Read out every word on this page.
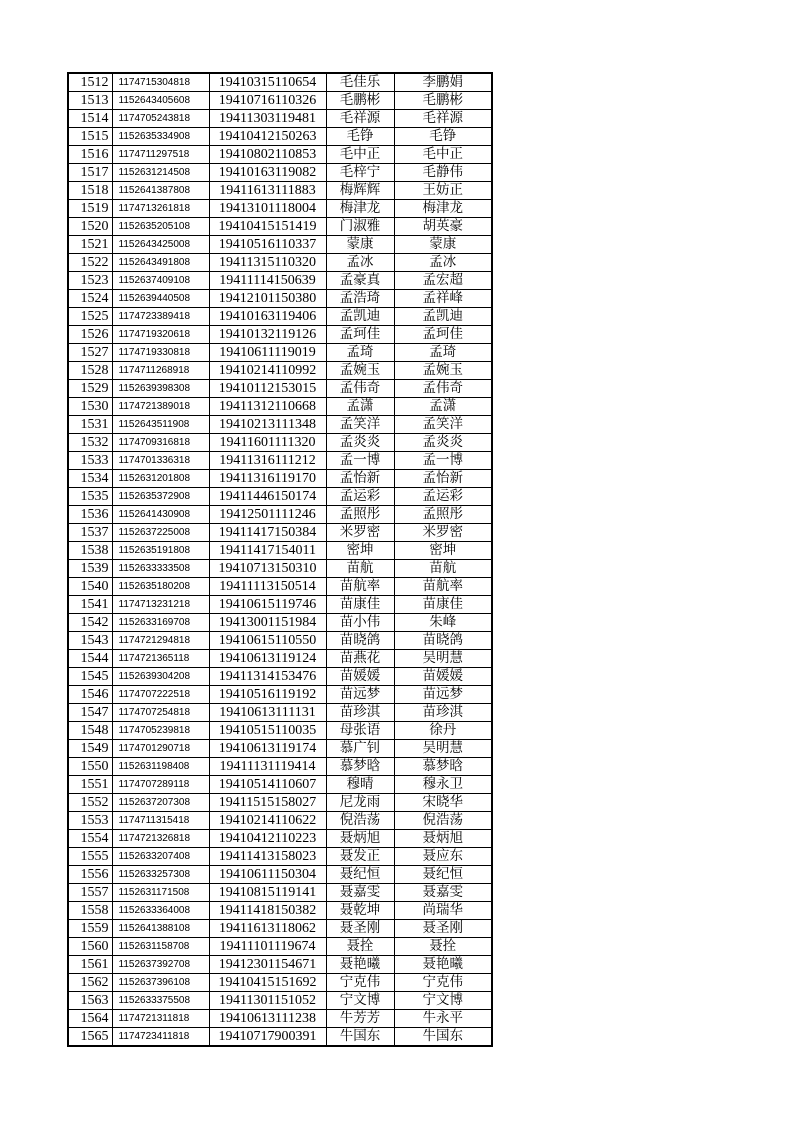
1512	1174715304818	19410315110654	毛佳乐	李鹏娟
1513	1152643405608	19410716110326	毛鹏彬	毛鹏彬
1514	1174705243818	19411303119481	毛祥源	毛祥源
1515	1152635334908	19410412150263	毛铮	毛铮
1516	1174711297518	19410802110853	毛中正	毛中正
1517	1152631214508	19410163119082	毛梓宁	毛静伟
1518	1152641387808	19411613111883	梅辉辉	王妨正
1519	1174713261818	19413101118004	梅津龙	梅津龙
1520	1152635205108	19410415151419	门淑雅	胡英豪
1521	1152643425008	19410516110337	蒙康	蒙康
1522	1152643491808	19411315110320	孟冰	孟冰
1523	1152637409108	19411114150639	孟豪真	孟宏超
1524	1152639440508	19412101150380	孟浩琦	孟祥峰
1525	1174723389418	19410163119406	孟凯迪	孟凯迪
1526	1174719320618	19410132119126	孟珂佳	孟珂佳
1527	1174719330818	19410611119019	孟琦	孟琦
1528	1174711268918	19410214110992	孟婉玉	孟婉玉
1529	1152639398308	19410112153015	孟伟奇	孟伟奇
1530	1174721389018	19411312110668	孟潇	孟潇
1531	1152643511908	19410213111348	孟笑洋	孟笑洋
1532	1174709316818	19411601111320	孟炎炎	孟炎炎
1533	1174701336318	19411316111212	孟一博	孟一博
1534	1152631201808	19411316119170	孟怡新	孟怡新
1535	1152635372908	19411446150174	孟运彩	孟运彩
1536	1152641430908	19412501111246	孟照彤	孟照彤
1537	1152637225008	19411417150384	米罗密	米罗密
1538	1152635191808	19411417154011	密坤	密坤
1539	1152633333508	19410713150310	苗航	苗航
1540	1152635180208	19411113150514	苗航率	苗航率
1541	1174713231218	19410615119746	苗康佳	苗康佳
1542	1152633169708	19413001151984	苗小伟	朱峰
1543	1174721294818	19410615110550	苗晓鸽	苗晓鸽
1544	1174721365118	19410613119124	苗燕花	吴明慧
1545	1152639304208	19411314153476	苗媛媛	苗媛媛
1546	1174707222518	19410516119192	苗远梦	苗远梦
1547	1174707254818	19410613111131	苗珍淇	苗珍淇
1548	1174705239818	19410515110035	母张语	徐丹
1549	1174701290718	19410613119174	慕广钊	吴明慧
1550	1152631198408	19411131119414	慕梦晗	慕梦晗
1551	1174707289118	19410514110607	穆晴	穆永卫
1552	1152637207308	19411515158027	尼龙雨	宋晓华
1553	1174711315418	19410214110622	倪浩荡	倪浩荡
1554	1174721326818	19410412110223	聂炳旭	聂炳旭
1555	1152633207408	19411413158023	聂发正	聂应东
1556	1152633257308	19410611150304	聂纪恒	聂纪恒
1557	1152631171508	19410815119141	聂嘉雯	聂嘉雯
1558	1152633364008	19411418150382	聂乾坤	尚瑞华
1559	1152641388108	19411613118062	聂圣刚	聂圣刚
1560	1152631158708	19411101119674	聂拴	聂拴
1561	1152637392708	19412301154671	聂艳曦	聂艳曦
1562	1152637396108	19410415151692	宁克伟	宁克伟
1563	1152633375508	19411301151052	宁文博	宁文博
1564	1174721311818	19410613111238	牛芳芳	牛永平
1565	1174723411818	19410717900391	牛国东	牛国东
